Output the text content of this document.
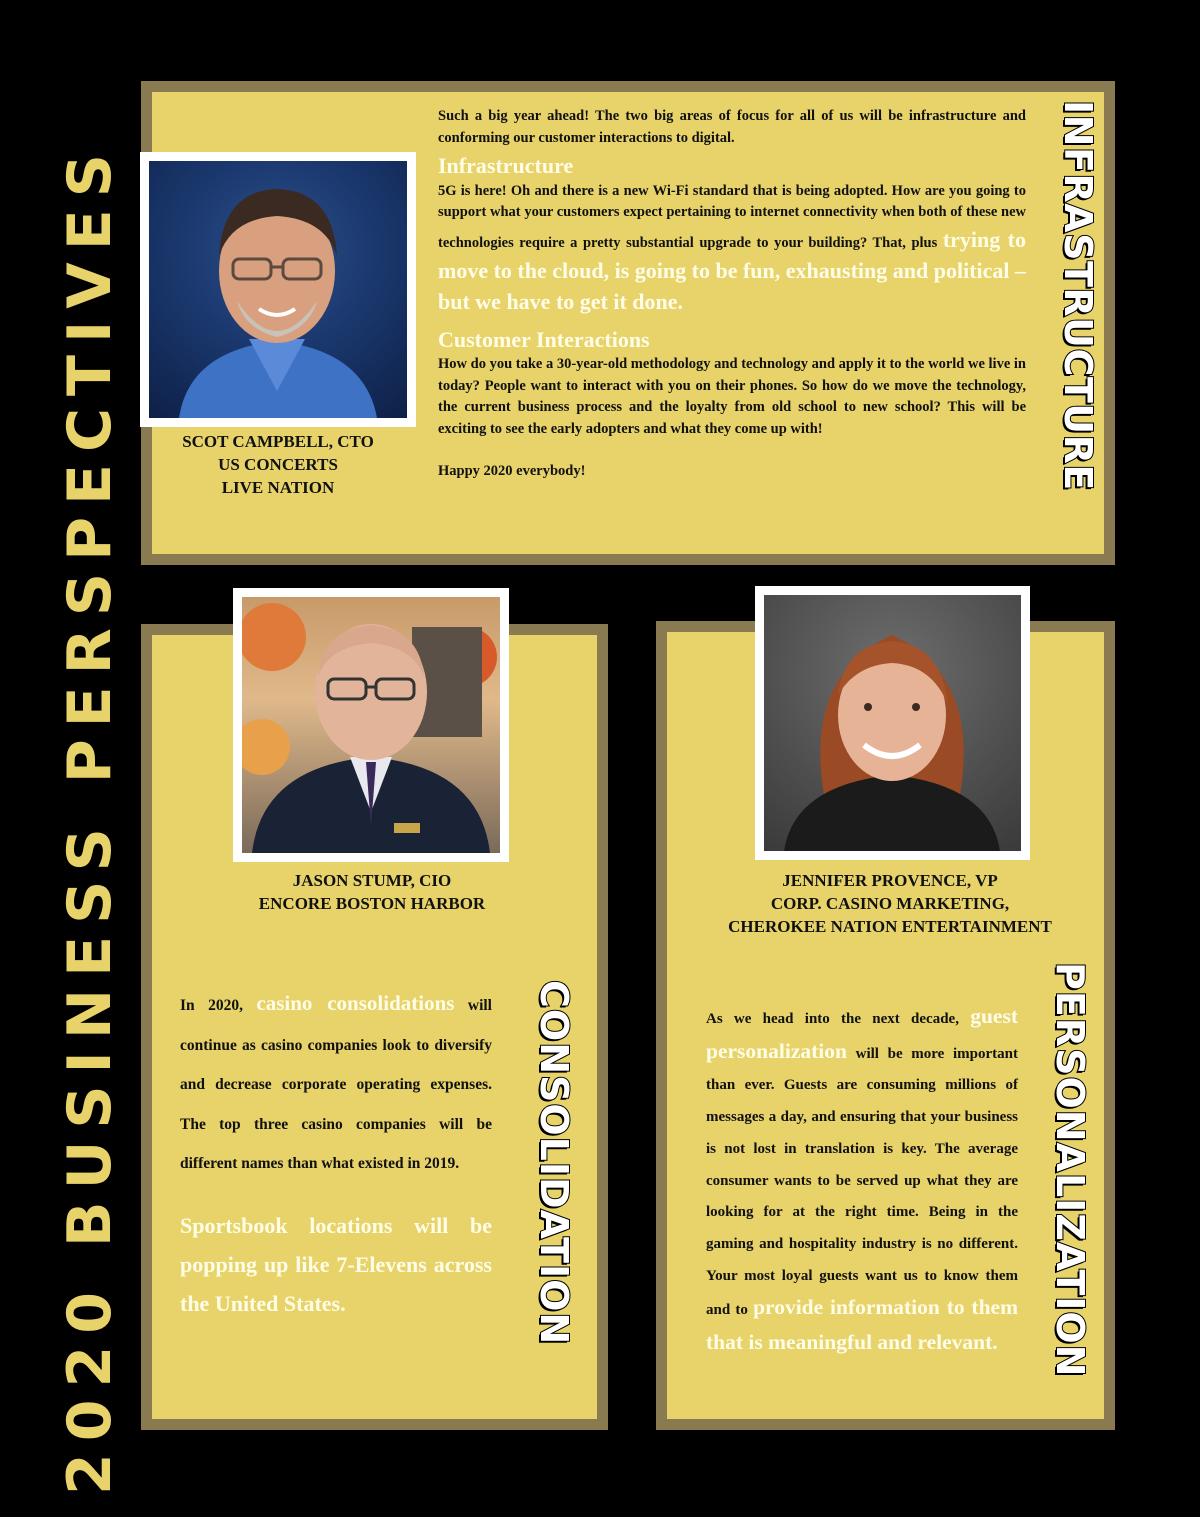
2020 BUSINESS PERSPECTIVES	SCOT CAMPBELL, CTO
US CONCERTS
LIVE NATION

Such a big year ahead! The two big areas of focus for all of us will be infrastructure and conforming our customer interactions to digital.

Infrastructure

5G is here! Oh and there is a new Wi-Fi standard that is being adopted. How are you going to support what your customers expect pertaining to internet connectivity when both of these new technologies require a pretty substantial upgrade to your building? That, plus trying to move to the cloud, is going to be fun, exhausting and political – but we have to get it done.

Customer Interactions

How do you take a 30-year-old methodology and technology and apply it to the world we live in today? People want to interact with you on their phones. So how do we move the technology, the current business process and the loyalty from old school to new school? This will be exciting to see the early adopters and what they come up with!

Happy 2020 everybody!	INFRASTRUCTURE
JASON STUMP, CIO
ENCORE BOSTON HARBOR

In 2020, casino consolidations will continue as casino companies look to diversify and decrease corporate operating expenses. The top three casino companies will be different names than what existed in 2019.

Sportsbook locations will be popping up like 7-Elevens across the United States.	CONSOLIDATION
JENNIFER PROVENCE, VP
CORP. CASINO MARKETING,
CHEROKEE NATION ENTERTAINMENT

As we head into the next decade, guest personalization will be more important than ever. Guests are consuming millions of messages a day, and ensuring that your business is not lost in translation is key. The average consumer wants to be served up what they are looking for at the right time. Being in the gaming and hospitality industry is no different. Your most loyal guests want us to know them and to provide information to them that is meaningful and relevant.	PERSONALIZATION
